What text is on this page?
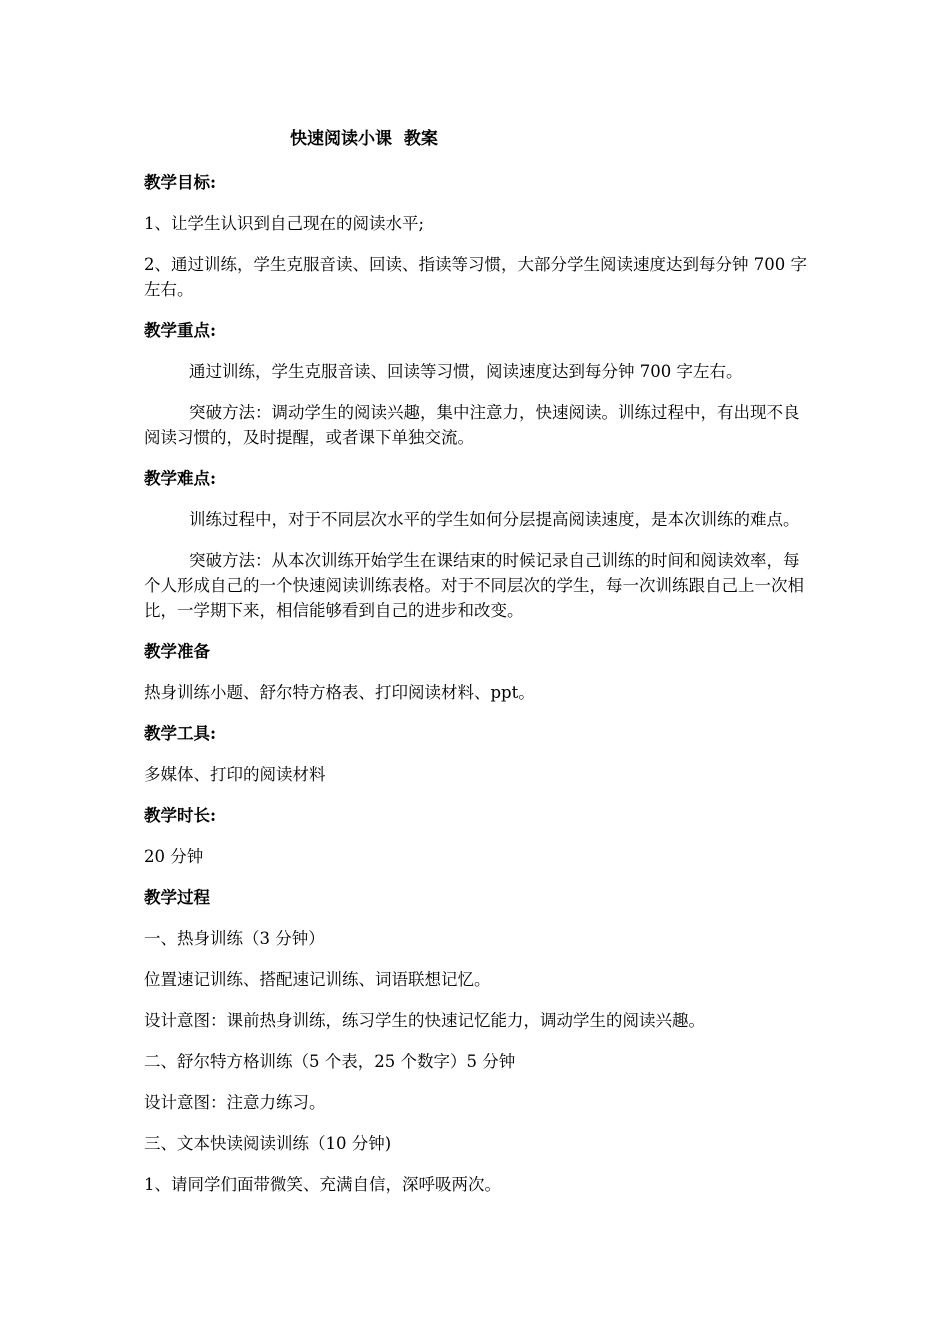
快速阅读小课  教案

教学目标:

1、让学生认识到自己现在的阅读水平;

2、通过训练，学生克服音读、回读、指读等习惯，大部分学生阅读速度达到每分钟 700 字左右。

教学重点:

通过训练，学生克服音读、回读等习惯，阅读速度达到每分钟 700 字左右。

突破方法：调动学生的阅读兴趣，集中注意力，快速阅读。训练过程中，有出现不良阅读习惯的，及时提醒，或者课下单独交流。

教学难点:

训练过程中，对于不同层次水平的学生如何分层提高阅读速度，是本次训练的难点。

突破方法：从本次训练开始学生在课结束的时候记录自己训练的时间和阅读效率，每个人形成自己的一个快速阅读训练表格。对于不同层次的学生，每一次训练跟自己上一次相比，一学期下来，相信能够看到自己的进步和改变。

教学准备

热身训练小题、舒尔特方格表、打印阅读材料、ppt。

教学工具:

多媒体、打印的阅读材料

教学时长:

20 分钟

教学过程

一、热身训练（3 分钟）

位置速记训练、搭配速记训练、词语联想记忆。

设计意图：课前热身训练，练习学生的快速记忆能力，调动学生的阅读兴趣。

二、舒尔特方格训练（5 个表，25 个数字）5 分钟

设计意图：注意力练习。

三、文本快读阅读训练（10 分钟)

1、请同学们面带微笑、充满自信，深呼吸两次。
